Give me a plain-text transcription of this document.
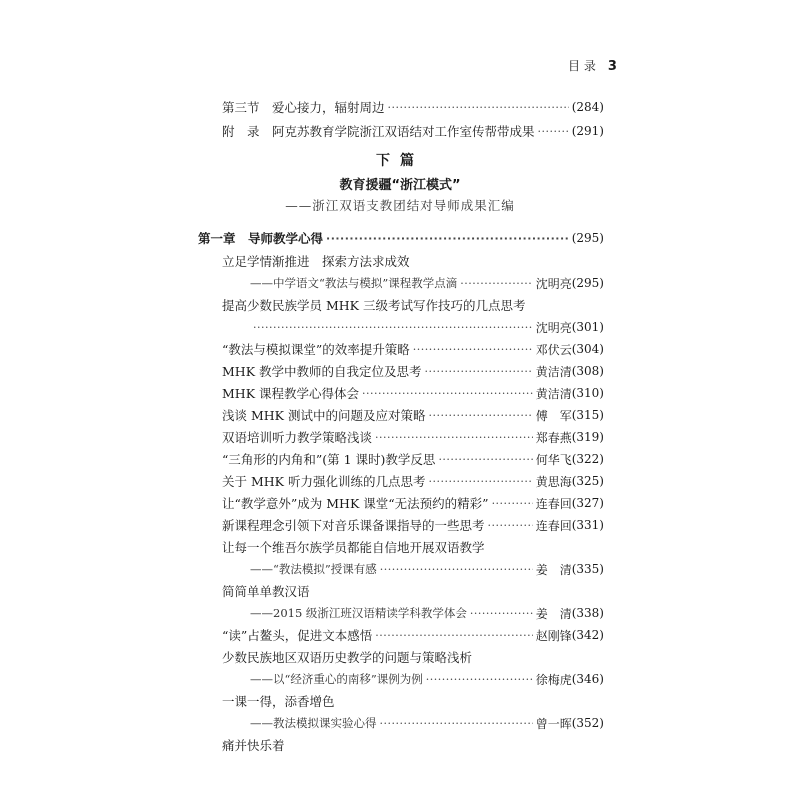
目 录 3
第三节　爱心接力，辐射周边 ·····	(284)
附　录　阿克苏教育学院浙江双语结对工作室传帮带成果 ·····	(291)
下篇
教育援疆“浙江模式”
——浙江双语支教团结对导师成果汇编
第一章　导师教学心得 ·····	(295)
立足学情渐推进　探索方法求成效
——中学语文“教法与模拟”课程教学点滴 ·····	沈明亮 (295)
提高少数民族学员 MHK 三级考试写作技巧的几点思考
·····
沈明亮 (301)
“教法与模拟课堂”的效率提升策略 ·····	邓伏云 (304)
MHK 教学中教师的自我定位及思考 ·····	黄洁清 (308)
MHK 课程教学心得体会 ·····	黄洁清 (310)
浅谈 MHK 测试中的问题及应对策略 ·····	傅　军 (315)
双语培训听力教学策略浅谈 ·····	郑春燕 (319)
“三角形的内角和”(第 1 课时)教学反思 ·····	何华飞 (322)
关于 MHK 听力强化训练的几点思考 ·····	黄思海 (325)
让“教学意外”成为 MHK 课堂“无法预约的精彩” ·····	连春回 (327)
新课程理念引领下对音乐课备课指导的一些思考 ·····	连春回 (331)
让每一个维吾尔族学员都能自信地开展双语教学
——“教法模拟”授课有感 ·····	姜　清 (335)
简简单单教汉语
——2015 级浙江班汉语精读学科教学体会 ·····	姜　清 (338)
“读”占鳌头，促进文本感悟 ·····	赵刚锋 (342)
少数民族地区双语历史教学的问题与策略浅析
——以“经济重心的南移”课例为例 ·····	徐梅虎 (346)
一课一得，添香增色
——教法模拟课实验心得 ·····	曾一晖 (352)
痛并快乐着
